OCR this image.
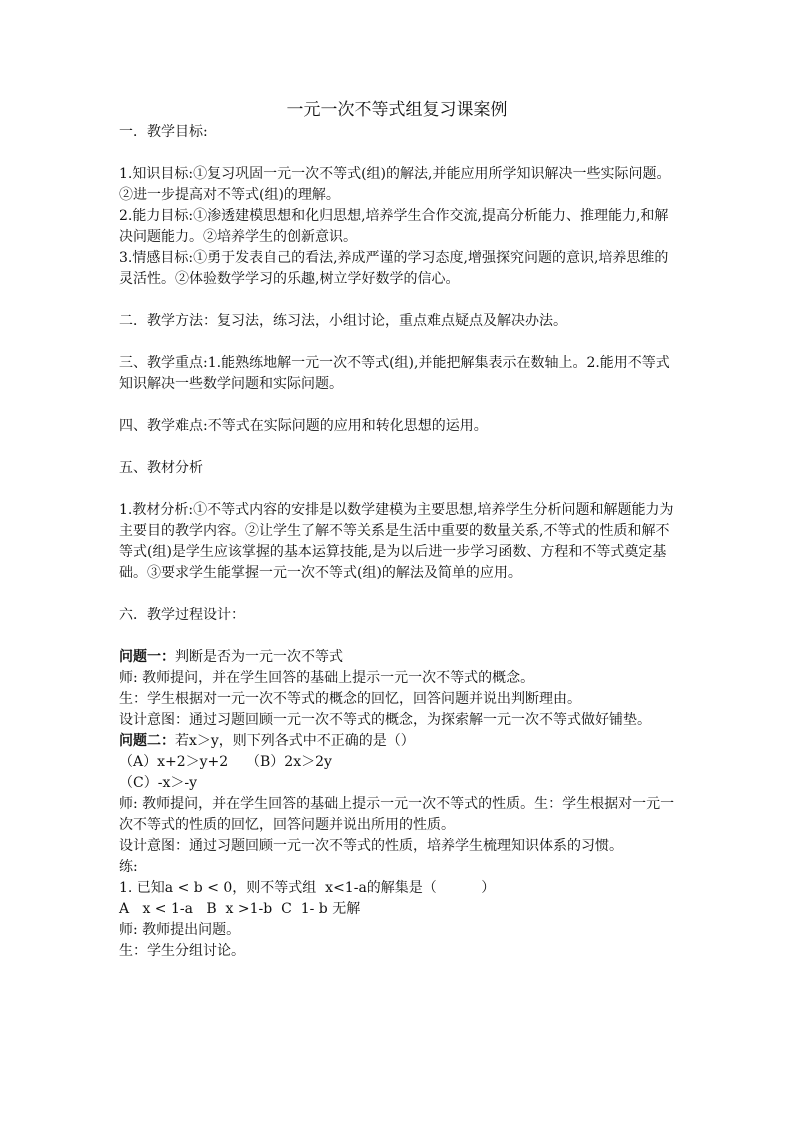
一元一次不等式组复习课案例

一．教学目标:

1.知识目标:①复习巩固一元一次不等式(组)的解法,并能应用所学知识解决一些实际问题。②进一步提高对不等式(组)的理解。

2.能力目标:①渗透建模思想和化归思想,培养学生合作交流,提高分析能力、推理能力,和解决问题能力。②培养学生的创新意识。

3.情感目标:①勇于发表自己的看法,养成严谨的学习态度,增强探究问题的意识,培养思维的灵活性。②体验数学学习的乐趣,树立学好数学的信心。

二．教学方法：复习法，练习法，小组讨论，重点难点疑点及解决办法。

三、教学重点:1.能熟练地解一元一次不等式(组),并能把解集表示在数轴上。2.能用不等式知识解决一些数学问题和实际问题。

四、教学难点:不等式在实际问题的应用和转化思想的运用。

五、教材分析

1.教材分析:①不等式内容的安排是以数学建模为主要思想,培养学生分析问题和解题能力为主要目的教学内容。②让学生了解不等关系是生活中重要的数量关系,不等式的性质和解不等式(组)是学生应该掌握的基本运算技能,是为以后进一步学习函数、方程和不等式奠定基础。③要求学生能掌握一元一次不等式(组)的解法及简单的应用。

六．教学过程设计：

问题一：判断是否为一元一次不等式

师: 教师提问，并在学生回答的基础上提示一元一次不等式的概念。

生：学生根据对一元一次不等式的概念的回忆，回答问题并说出判断理由。

设计意图：通过习题回顾一元一次不等式的概念，为探索解一元一次不等式做好铺垫。

问题二：若x＞y，则下列各式中不正确的是（）

（A）x+2＞y+2 （B）2x＞2y

（C）-x＞-y

师: 教师提问，并在学生回答的基础上提示一元一次不等式的性质。生：学生根据对一元一次不等式的性质的回忆，回答问题并说出所用的性质。

设计意图：通过习题回顾一元一次不等式的性质，培养学生梳理知识体系的习惯。

练:

1. 已知a < b < 0，则不等式组  x<1-a的解集是（          ）

A   x < 1-a   B  x >1-b  C  1- b 无解

师: 教师提出问题。

生：学生分组讨论。
